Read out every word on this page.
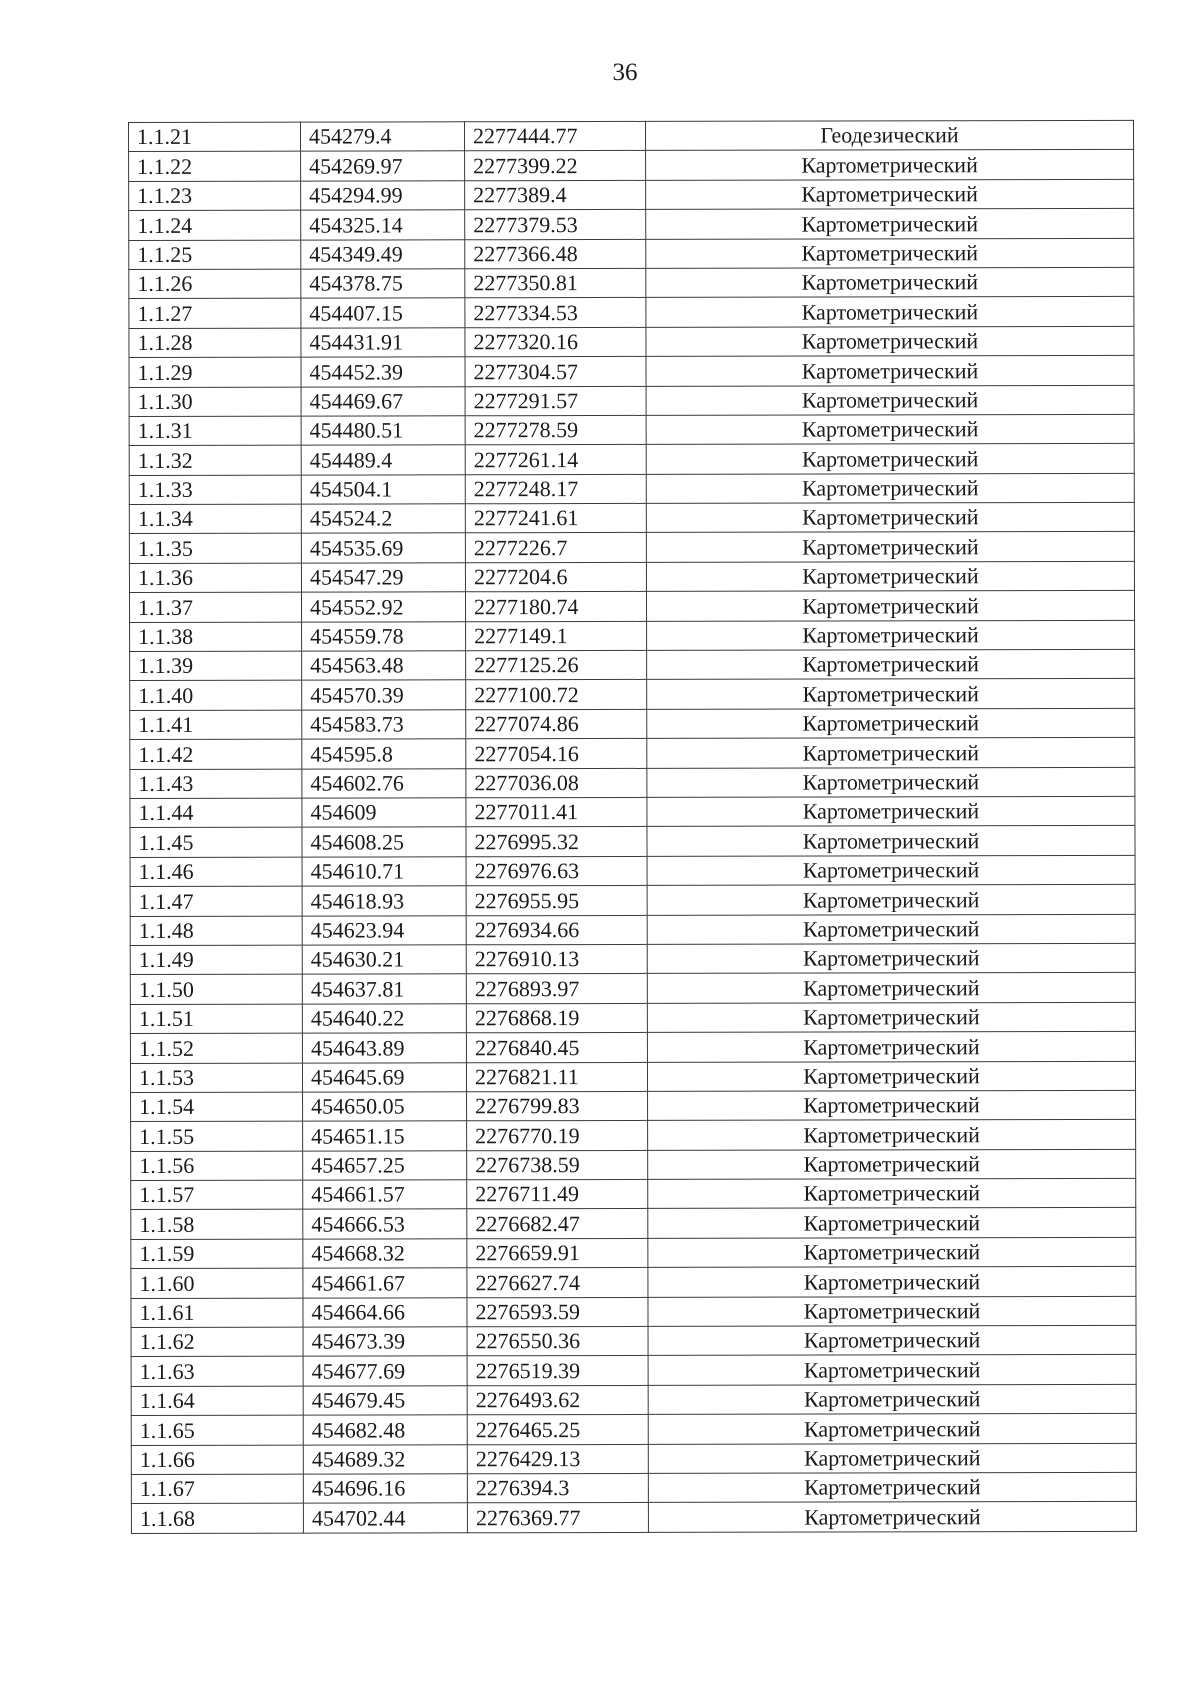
36
1.1.21	454279.4	2277444.77	Геодезический
1.1.22	454269.97	2277399.22	Картометрический
1.1.23	454294.99	2277389.4	Картометрический
1.1.24	454325.14	2277379.53	Картометрический
1.1.25	454349.49	2277366.48	Картометрический
1.1.26	454378.75	2277350.81	Картометрический
1.1.27	454407.15	2277334.53	Картометрический
1.1.28	454431.91	2277320.16	Картометрический
1.1.29	454452.39	2277304.57	Картометрический
1.1.30	454469.67	2277291.57	Картометрический
1.1.31	454480.51	2277278.59	Картометрический
1.1.32	454489.4	2277261.14	Картометрический
1.1.33	454504.1	2277248.17	Картометрический
1.1.34	454524.2	2277241.61	Картометрический
1.1.35	454535.69	2277226.7	Картометрический
1.1.36	454547.29	2277204.6	Картометрический
1.1.37	454552.92	2277180.74	Картометрический
1.1.38	454559.78	2277149.1	Картометрический
1.1.39	454563.48	2277125.26	Картометрический
1.1.40	454570.39	2277100.72	Картометрический
1.1.41	454583.73	2277074.86	Картометрический
1.1.42	454595.8	2277054.16	Картометрический
1.1.43	454602.76	2277036.08	Картометрический
1.1.44	454609	2277011.41	Картометрический
1.1.45	454608.25	2276995.32	Картометрический
1.1.46	454610.71	2276976.63	Картометрический
1.1.47	454618.93	2276955.95	Картометрический
1.1.48	454623.94	2276934.66	Картометрический
1.1.49	454630.21	2276910.13	Картометрический
1.1.50	454637.81	2276893.97	Картометрический
1.1.51	454640.22	2276868.19	Картометрический
1.1.52	454643.89	2276840.45	Картометрический
1.1.53	454645.69	2276821.11	Картометрический
1.1.54	454650.05	2276799.83	Картометрический
1.1.55	454651.15	2276770.19	Картометрический
1.1.56	454657.25	2276738.59	Картометрический
1.1.57	454661.57	2276711.49	Картометрический
1.1.58	454666.53	2276682.47	Картометрический
1.1.59	454668.32	2276659.91	Картометрический
1.1.60	454661.67	2276627.74	Картометрический
1.1.61	454664.66	2276593.59	Картометрический
1.1.62	454673.39	2276550.36	Картометрический
1.1.63	454677.69	2276519.39	Картометрический
1.1.64	454679.45	2276493.62	Картометрический
1.1.65	454682.48	2276465.25	Картометрический
1.1.66	454689.32	2276429.13	Картометрический
1.1.67	454696.16	2276394.3	Картометрический
1.1.68	454702.44	2276369.77	Картометрический
